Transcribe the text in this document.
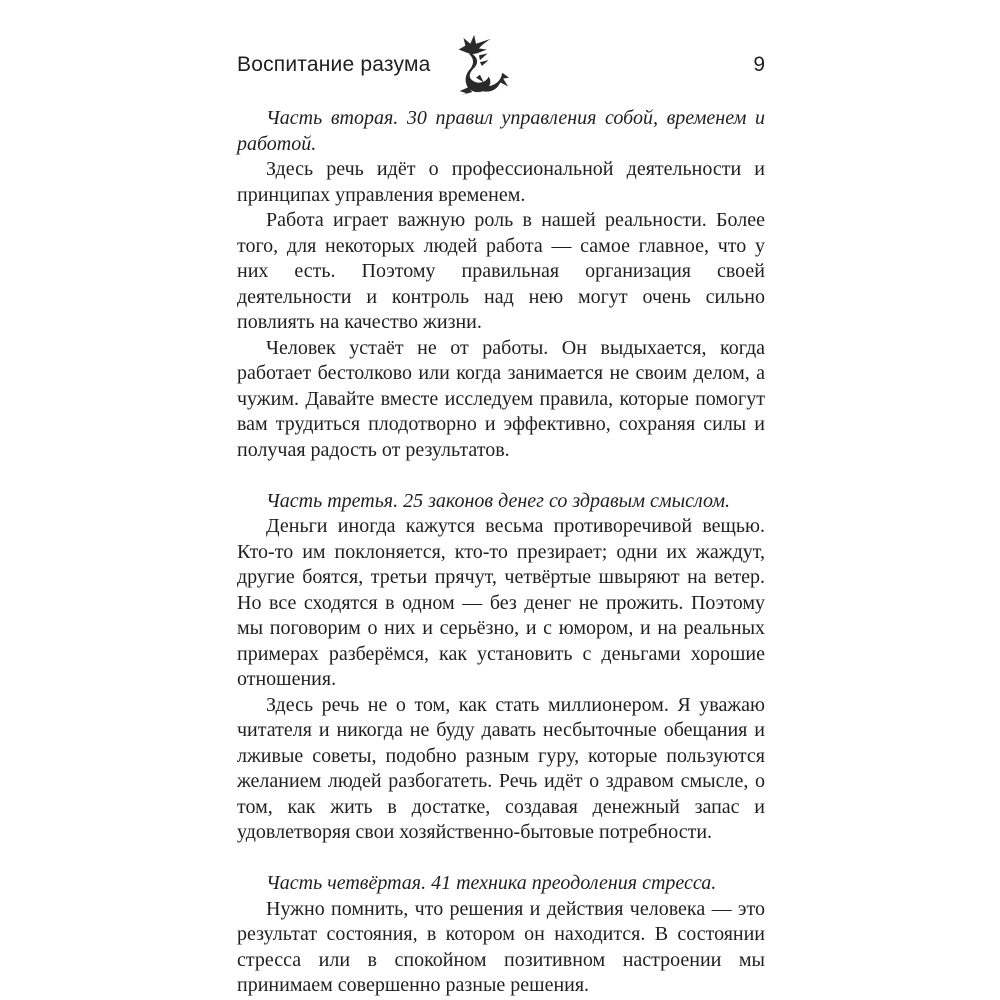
Воспитание разума	9

Часть вторая. 30 правил управления собой, временем и работой.

Здесь речь идёт о профессиональной деятельности и принципах управления временем.

Работа играет важную роль в нашей реальности. Более того, для некоторых людей работа — самое главное, что у них есть. Поэтому правильная организация своей деятельности и контроль над нею могут очень сильно повлиять на качество жизни.

Человек устаёт не от работы. Он выдыхается, когда работает бестолково или когда занимается не своим делом, а чужим. Давайте вместе исследуем правила, которые помогут вам трудиться плодотворно и эффективно, сохраняя силы и получая радость от результатов.

Часть третья. 25 законов денег со здравым смыслом.

Деньги иногда кажутся весьма противоречивой вещью. Кто-то им поклоняется, кто-то презирает; одни их жаждут, другие боятся, третьи прячут, четвёртые швыряют на ветер. Но все сходятся в одном — без денег не прожить. Поэтому мы поговорим о них и серьёзно, и с юмором, и на реальных примерах разберёмся, как установить с деньгами хорошие отношения.

Здесь речь не о том, как стать миллионером. Я уважаю читателя и никогда не буду давать несбыточные обещания и лживые советы, подобно разным гуру, которые пользуются желанием людей разбогатеть. Речь идёт о здравом смысле, о том, как жить в достатке, создавая денежный запас и удовлетворяя свои хозяйственно-бытовые потребности.

Часть четвёртая. 41 техника преодоления стресса.

Нужно помнить, что решения и действия человека — это результат состояния, в котором он находится. В состоянии стресса или в спокойном позитивном настроении мы принимаем совершенно разные решения.
